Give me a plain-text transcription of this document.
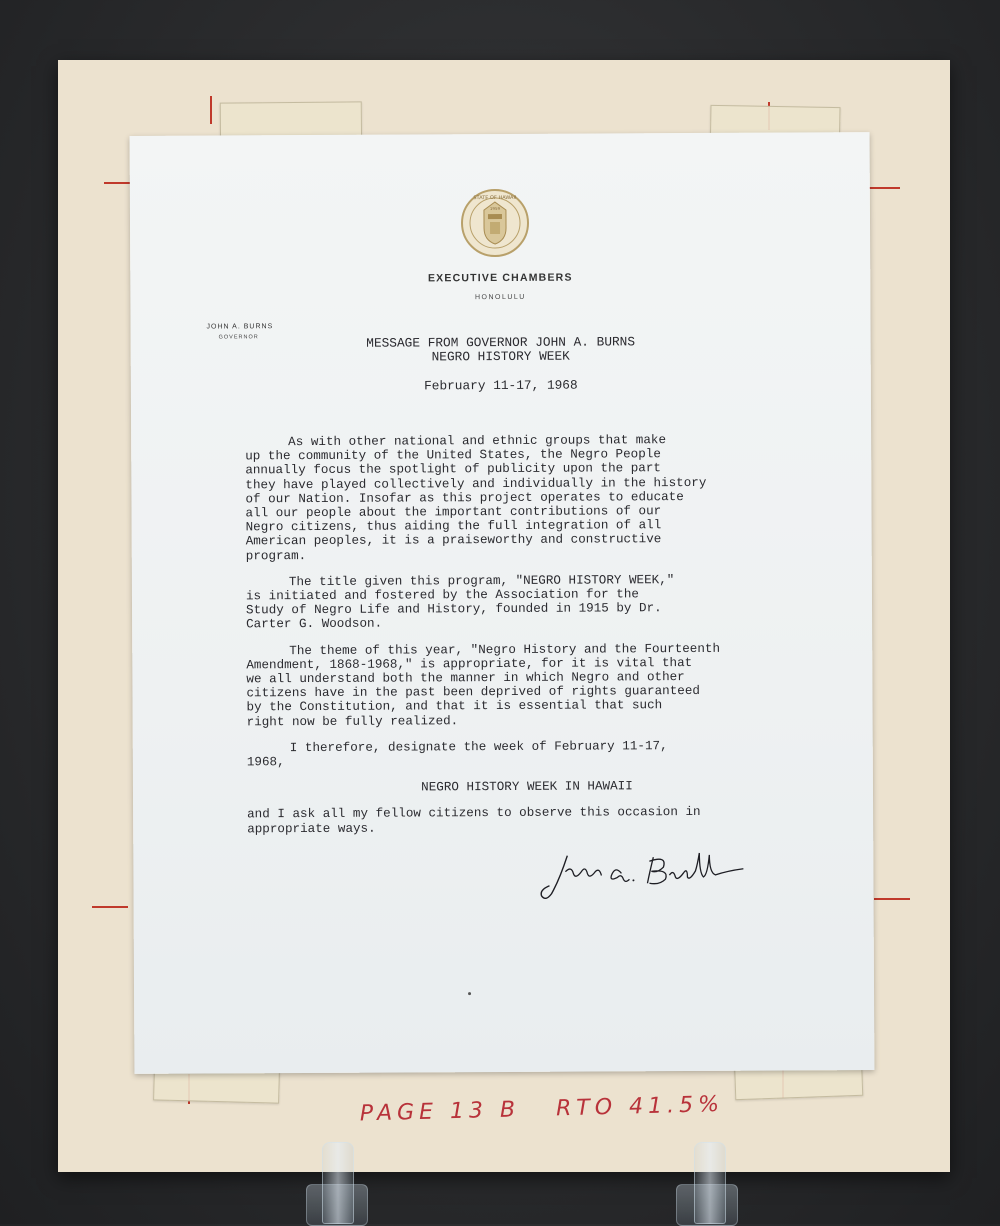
STATE OF HAWAII
1959
EXECUTIVE CHAMBERS
HONOLULU
JOHN A. BURNS
GOVERNOR	MESSAGE FROM GOVERNOR JOHN A. BURNS
NEGRO HISTORY WEEK
February 11-17, 1968

As with other national and ethnic groups that make
up the community of the United States, the Negro People
annually focus the spotlight of publicity upon the part
they have played collectively and individually in the history
of our Nation. Insofar as this project operates to educate
all our people about the important contributions of our
Negro citizens, thus aiding the full integration of all
American peoples, it is a praiseworthy and constructive
program.

The title given this program, "NEGRO HISTORY WEEK,"
is initiated and fostered by the Association for the
Study of Negro Life and History, founded in 1915 by Dr.
Carter G. Woodson.

The theme of this year, "Negro History and the Fourteenth
Amendment, 1868-1968," is appropriate, for it is vital that
we all understand both the manner in which Negro and other
citizens have in the past been deprived of rights guaranteed
by the Constitution, and that it is essential that such
right now be fully realized.

I therefore, designate the week of February 11-17,
1968,

NEGRO HISTORY WEEK IN HAWAII

and I ask all my fellow citizens to observe this occasion in
appropriate ways.

PAGE 13 B RTO 41.5%
